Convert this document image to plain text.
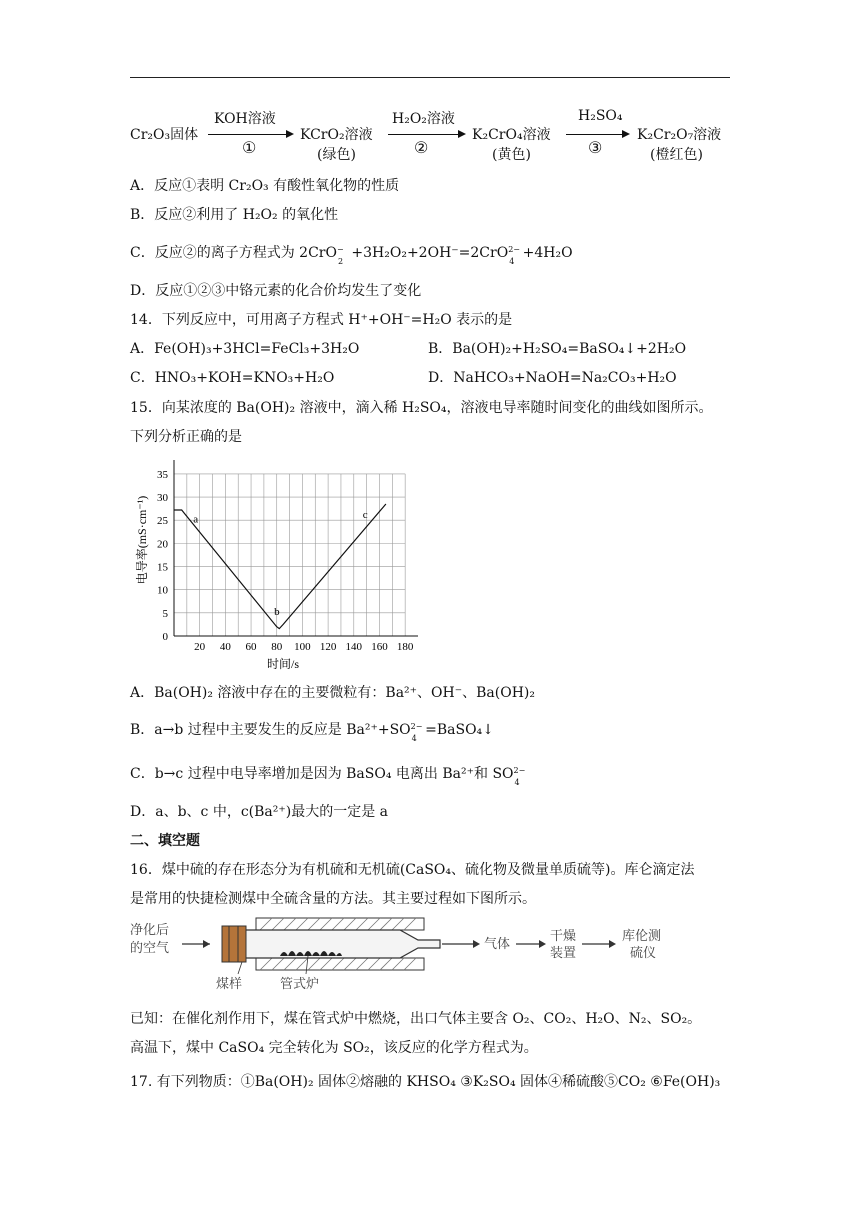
Cr₂O₃固体
KOH溶液
①
KCrO₂溶液
(绿色)
H₂O₂溶液
②
K₂CrO₄溶液
(黄色)
H₂SO₄
③
K₂Cr₂O₇溶液
(橙红色)
A．反应①表明 Cr₂O₃ 有酸性氧化物的性质
B．反应②利用了 H₂O₂ 的氧化性
C．反应②的离子方程式为 2CrO −
2
+3H₂O₂+2OH⁻=2CrO 2−
4
+4H₂O
D．反应①②③中铬元素的化合价均发生了变化
14．下列反应中，可用离子方程式 H⁺+OH⁻=H₂O 表示的是
A．Fe(OH)₃+3HCl=FeCl₃+3H₂O	B．Ba(OH)₂+H₂SO₄=BaSO₄↓+2H₂O
C．HNO₃+KOH=KNO₃+H₂O	D．NaHCO₃+NaOH=Na₂CO₃+H₂O
15．向某浓度的 Ba(OH)₂ 溶液中，滴入稀 H₂SO₄，溶液电导率随时间变化的曲线如图所示。
下列分析正确的是
20 40 60 80 100 120 140 160 180
0
5
10
15
20
25
30
35
a
b
c
时间/s
电导率(mS·cm⁻¹)
A．Ba(OH)₂ 溶液中存在的主要微粒有：Ba²⁺、OH⁻、Ba(OH)₂
B．a→b 过程中主要发生的反应是 Ba²⁺+SO 2−
4
=BaSO₄↓
C．b→c 过程中电导率增加是因为 BaSO₄ 电离出 Ba²⁺和 SO 2−
4
D．a、b、c 中，c(Ba²⁺)最大的一定是 a
二、填空题
16．煤中硫的存在形态分为有机硫和无机硫(CaSO₄、硫化物及微量单质硫等)。库仑滴定法
是常用的快捷检测煤中全硫含量的方法。其主要过程如下图所示。
净化后
的空气	气体
干燥
装置
库伦测
硫仪
煤样	管式炉
已知：在催化剂作用下，煤在管式炉中燃烧，出口气体主要含 O₂、CO₂、H₂O、N₂、SO₂。
高温下，煤中 CaSO₄ 完全转化为 SO₂，该反应的化学方程式为。
17. 有下列物质：①Ba(OH)₂ 固体②熔融的 KHSO₄ ③K₂SO₄ 固体④稀硫酸⑤CO₂ ⑥Fe(OH)₃
